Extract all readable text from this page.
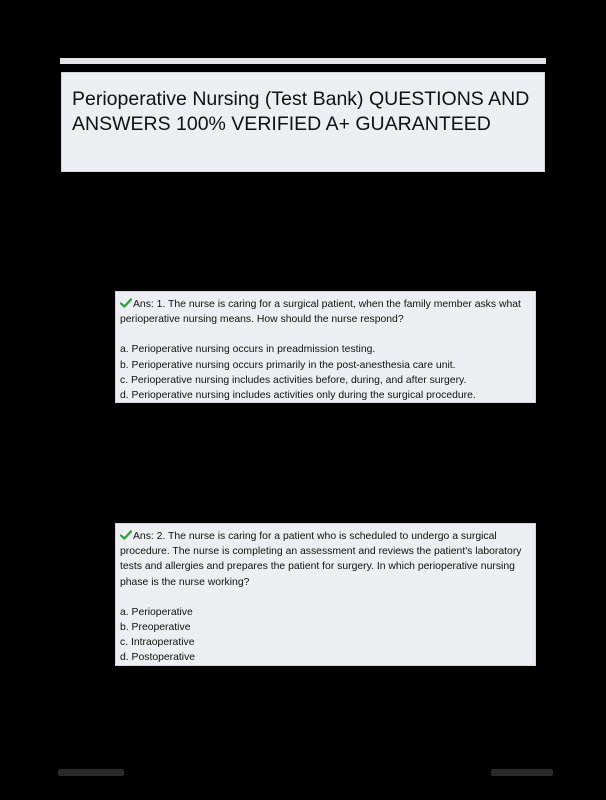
Perioperative Nursing (Test Bank) QUESTIONS AND ANSWERS 100% VERIFIED A+ GUARANTEED

Ans: 1. The nurse is caring for a surgical patient, when the family member asks what perioperative nursing means. How should the nurse respond?

a. Perioperative nursing occurs in preadmission testing.
b. Perioperative nursing occurs primarily in the post-anesthesia care unit.
c. Perioperative nursing includes activities before, during, and after surgery.
d. Perioperative nursing includes activities only during the surgical procedure.

Ans: 2. The nurse is caring for a patient who is scheduled to undergo a surgical procedure. The nurse is completing an assessment and reviews the patient's laboratory tests and allergies and prepares the patient for surgery. In which perioperative nursing phase is the nurse working?

a. Perioperative
b. Preoperative
c. Intraoperative
d. Postoperative
